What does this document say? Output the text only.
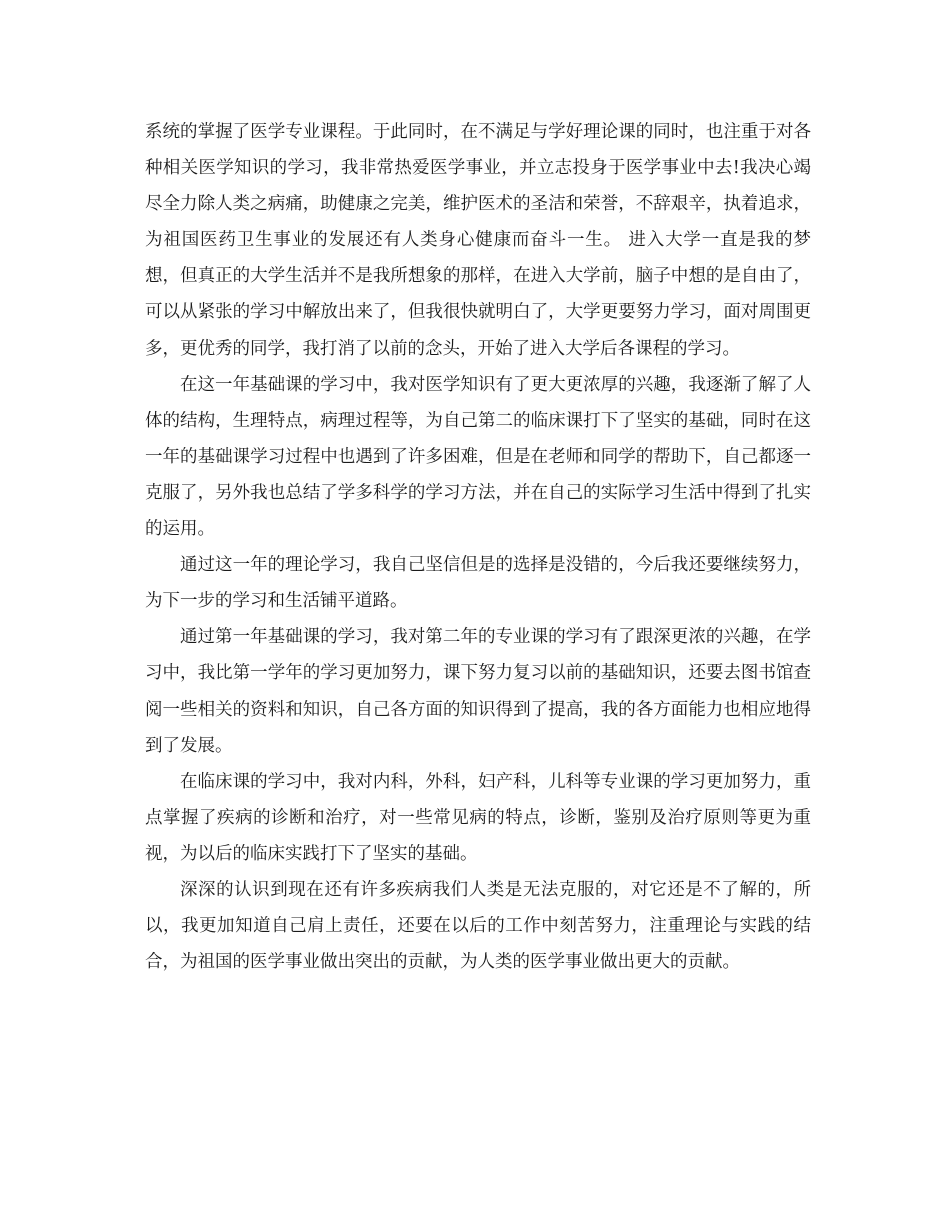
系统的掌握了医学专业课程。于此同时，在不满足与学好理论课的同时，也注重于对各种相关医学知识的学习，我非常热爱医学事业，并立志投身于医学事业中去!我决心竭尽全力除人类之病痛，助健康之完美，维护医术的圣洁和荣誉，不辞艰辛，执着追求，为祖国医药卫生事业的发展还有人类身心健康而奋斗一生。 进入大学一直是我的梦想，但真正的大学生活并不是我所想象的那样，在进入大学前，脑子中想的是自由了，可以从紧张的学习中解放出来了，但我很快就明白了，大学更要努力学习，面对周围更多，更优秀的同学，我打消了以前的念头，开始了进入大学后各课程的学习。

在这一年基础课的学习中，我对医学知识有了更大更浓厚的兴趣，我逐渐了解了人体的结构，生理特点，病理过程等，为自己第二的临床课打下了坚实的基础，同时在这一年的基础课学习过程中也遇到了许多困难，但是在老师和同学的帮助下，自己都逐一克服了，另外我也总结了学多科学的学习方法，并在自己的实际学习生活中得到了扎实的运用。

通过这一年的理论学习，我自己坚信但是的选择是没错的，今后我还要继续努力，为下一步的学习和生活铺平道路。

通过第一年基础课的学习，我对第二年的专业课的学习有了跟深更浓的兴趣，在学习中，我比第一学年的学习更加努力，课下努力复习以前的基础知识，还要去图书馆查阅一些相关的资料和知识，自己各方面的知识得到了提高，我的各方面能力也相应地得到了发展。

在临床课的学习中，我对内科，外科，妇产科，儿科等专业课的学习更加努力，重点掌握了疾病的诊断和治疗，对一些常见病的特点，诊断，鉴别及治疗原则等更为重视，为以后的临床实践打下了坚实的基础。

深深的认识到现在还有许多疾病我们人类是无法克服的，对它还是不了解的，所以，我更加知道自己肩上责任，还要在以后的工作中刻苦努力，注重理论与实践的结合，为祖国的医学事业做出突出的贡献，为人类的医学事业做出更大的贡献。
